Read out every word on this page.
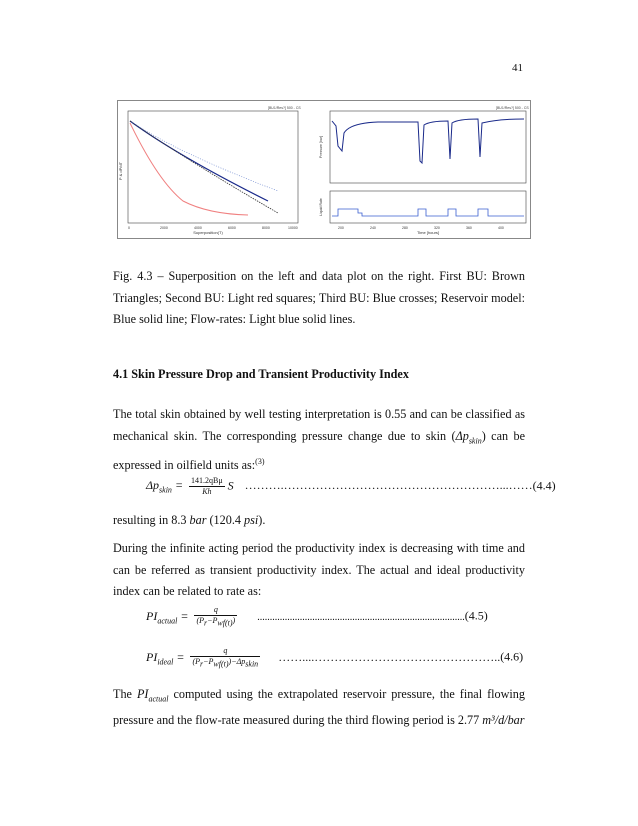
41
[BU1/Res?] 500 - CS
Superposition(T)
P & dP/dT
0	2000	4000	6000	8000	10000
[BU1/Res?] 500 - CS
Pressure [bar]
Liquid Rate
200	240	280	320	360	400
Time [hours]
Fig. 4.3 – Superposition on the left and data plot on the right. First BU: Brown Triangles; Second BU: Light red squares; Third BU: Blue crosses; Reservoir model: Blue solid line; Flow-rates: Light blue solid lines.
4.1 Skin Pressure Drop and Transient Productivity Index
The total skin obtained by well testing interpretation is 0.55 and can be classified as mechanical skin. The corresponding pressure change due to skin $(\Delta p_{skin})$ can be expressed in oilfield units as:$^{(3)}$
$\Delta p_{skin} = \frac{\text{141.2qBμ}}{Kh}$ S ……….………………………………………………...……(4.4)
resulting in 8.3 bar (120.4 psi).
During the infinite acting period the productivity index is decreasing with time and can be referred as transient productivity index. The actual and ideal productivity index can be related to rate as:
$PI_{actual} = \frac{q}{(P_r-P_{wf(t)})} ...................................................................................(4.5)$
$PI_{ideal} = \frac{q}{(P_r-P_{wf(t)})-\Delta p_{skin}}$ ……....………………………………………..(4.6)
The $PI_{actual}$ computed using the extrapolated reservoir pressure, the final flowing pressure and the flow-rate measured during the third flowing period is 2.77 m³/d/bar
